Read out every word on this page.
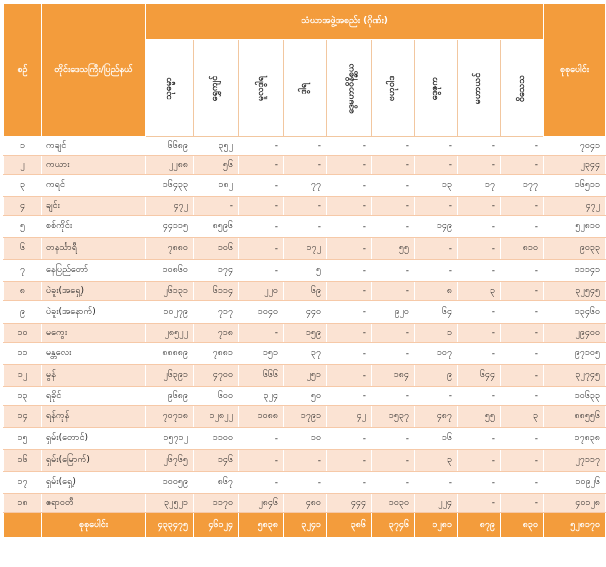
စဉ်	တိုင်းဒေသကြီး/ပြည်နယ်	သံဃာအဖွဲ့အစည်း (ဂိုဏ်း)									စုစုပေါင်း
		သုဓမ္မာ	ရွှေကျင်	မူလဒွါရ	ဒွါရ	ဒွေမဟာဝိနိစ္ဆယ	ဗဟုဝါဒ	ဒွေဇုက	မဟာယင်	ဝိသေသ	
၁	ကချင်	၆၆၈၉	၃၅၂	-	-	-	-	-	-	-	၇၀၄၁
၂	ကယား	၂၂၈၈	၅၆	-	-	-	-	-	-	-	၂၃၄၄
၃	ကရင်	၁၆၄၃၃	၁၈၂	-	၇၇	-	-	၁၃	၁၇	၁၇၇	၁၆၅၁၁
၄	ချင်း	၄၇၂	-	-	-	-	-	-	-	-	၄၇၂
၅	စစ်ကိုင်း	၄၄၁၁၅	၈၅၉၆	-	-	-	-	၁၄၉	-	-	၅၂၈၁၀
၆	တနင်္သာရီ	၇၈၈၀	၁၀၆	-	၁၇၂	-	၅၅	-	-	၈၁၀	၉၀၃၃
၇	နေပြည်တော်	၁၀၈၆၀	၁၇၄	-	၅	-	-	-	-	-	၁၁၁၄၁
၈	ပဲခူး(အရှေ့)	၂၆၁၃၁	၆၁၁၄	၂၂၀	၆၉	-	-	၈	၃	-	၃၂၅၄၅
၉	ပဲခူး(အနောက်)	၁၀၂၇၉	၇၁၇	၁၀၄၀	၄၄၀	-	၉၂၀	၆၄	-	-	၁၃၄၆၀
၁၀	မကွေး	၂၈၅၂၂	၇၁၈	-	၁၅၉	-	-	၁	-	-	၂၉၄၀၀
၁၁	မန္တလေး	၈၈၈၈၉	၇၈၈၁	၁၅၁	၃၇	-	-	၁၀၇	-	-	၉၇၁၀၅
၁၂	မွန်	၂၆၃၉၁	၄၇၀၀	၆၆၆	၂၅၁	-	၁၈၄	၉	၆၄၄	-	၃၂၇၄၅
၁၃	ရခိုင်	၉၆၈၉	၆၀၀	၃၂၄	၅၀	-	-	-	-	-	၁၀၆၃၃
၁၄	ရန်ကုန်	၇၀၇၁၈	၁၂၈၂၂	၁၀၈၈	၁၇၉၁	၄၂	၁၅၃၇	၄၈၇	၅၅	၃	၈၈၅၅၆
၁၅	ရှမ်း(တောင်)	၁၅၇၁၂	၁၁၀၀	-	၁၀	-	-	၁၆	-	-	၁၇၈၃၈
၁၆	ရှမ်း(မြောက်)	၂၆၇၆၅	၁၄၆	-	-	-	-	၃	-	-	၂၇၁၁၇
၁၇	ရှမ်း(ရှေ့)	၁၀၀၅၉	၈၆၇	-	-	-	-	-	-	-	၁၀၉၂၆
၁၈	ဧရာဝတီ	၃၂၅၂၁	၁၁၇၀	၂၈၄၆	၄၈၀	၄၄၄	၁၀၃၀	၂၂၄	-	-	၄၀၁၂၈
	စုစုပေါင်း	၄၃၃၄၇၅	၄၆၁၂၄	၅၈၃၈	၃၂၄၁	၃၈၆	၃၇၄၆	၁၂၈၁	၈၇၉	၈၃၀	၅၂၈၁၇၀
